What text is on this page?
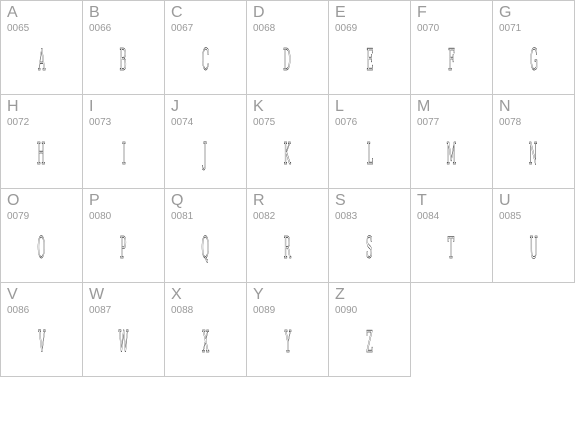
A
0065
A
B
0066
B
C
0067
C
D
0068
D
E
0069
E
F
0070
F
G
0071
G
H
0072
H
I
0073
I
J
0074
J
K
0075
K
L
0076
L
M
0077
M
N
0078
N
O
0079
O
P
0080
P
Q
0081
Q
R
0082
R
S
0083
S
T
0084
T
U
0085
U
V
0086
V
W
0087
W
X
0088
X
Y
0089
Y
Z
0090
Z
